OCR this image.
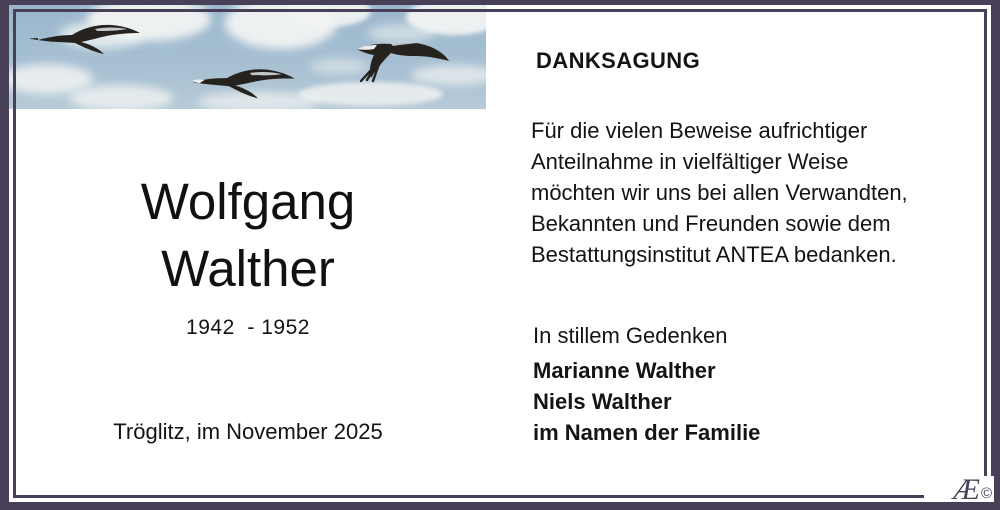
Wolfgang
Walther
1942  - 1952
Tröglitz, im November 2025
DANKSAGUNG
Für die vielen Beweise aufrichtiger
Anteilnahme in vielfältiger Weise
möchten wir uns bei allen Verwandten,
Bekannten und Freunden sowie dem
Bestattungsinstitut ANTEA bedanken.
In stillem Gedenken
Marianne Walther
Niels Walther
im Namen der Familie
Æ ©
